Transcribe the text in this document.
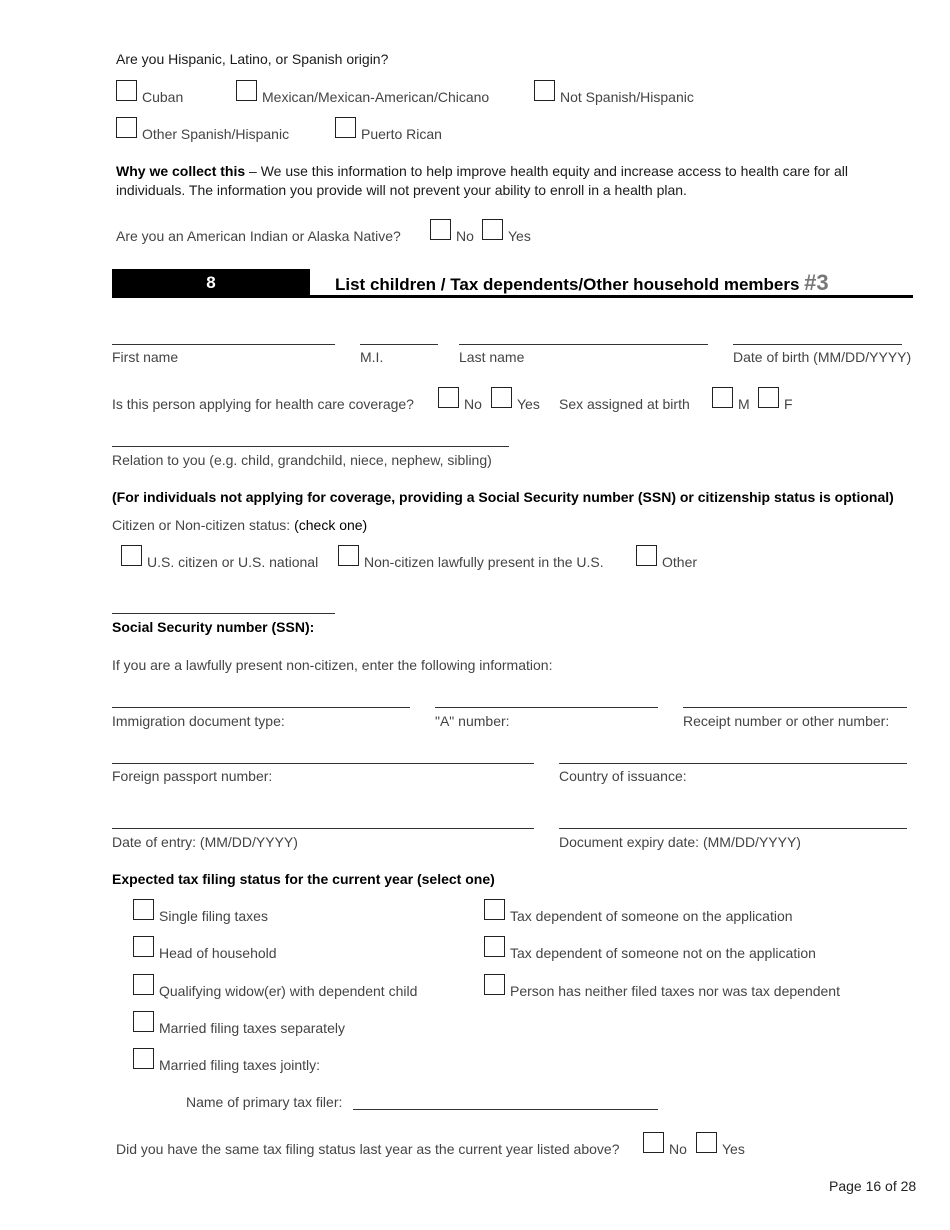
Are you Hispanic, Latino, or Spanish origin?
Cuban	Mexican/Mexican-American/Chicano	Not Spanish/Hispanic
Other Spanish/Hispanic	Puerto Rican
Why we collect this – We use this information to help improve health equity and increase access to health care for all
individuals. The information you provide will not prevent your ability to enroll in a health plan.
Are you an American Indian or Alaska Native?	No Yes
8	List children / Tax dependents/Other household members #3
First name	M.I.	Last name	Date of birth (MM/DD/YYYY)
Is this person applying for health care coverage?	No	Yes Sex assigned at birth	M F
Relation to you (e.g. child, grandchild, niece, nephew, sibling)
(For individuals not applying for coverage, providing a Social Security number (SSN) or citizenship status is optional)
Citizen or Non-citizen status: (check one)
U.S. citizen or U.S. national	Non-citizen lawfully present in the U.S.	Other
Social Security number (SSN):
If you are a lawfully present non-citizen, enter the following information:
Immigration document type:	"A" number:	Receipt number or other number:
Foreign passport number:	Country of issuance:
Date of entry: (MM/DD/YYYY)	Document expiry date: (MM/DD/YYYY)
Expected tax filing status for the current year (select one)
Single filing taxes
Head of household
Qualifying widow(er) with dependent child
Married filing taxes separately
Married filing taxes jointly:
Tax dependent of someone on the application
Tax dependent of someone not on the application
Person has neither filed taxes nor was tax dependent
Name of primary tax filer:
Did you have the same tax filing status last year as the current year listed above?	No	Yes
Page 16 of 28
